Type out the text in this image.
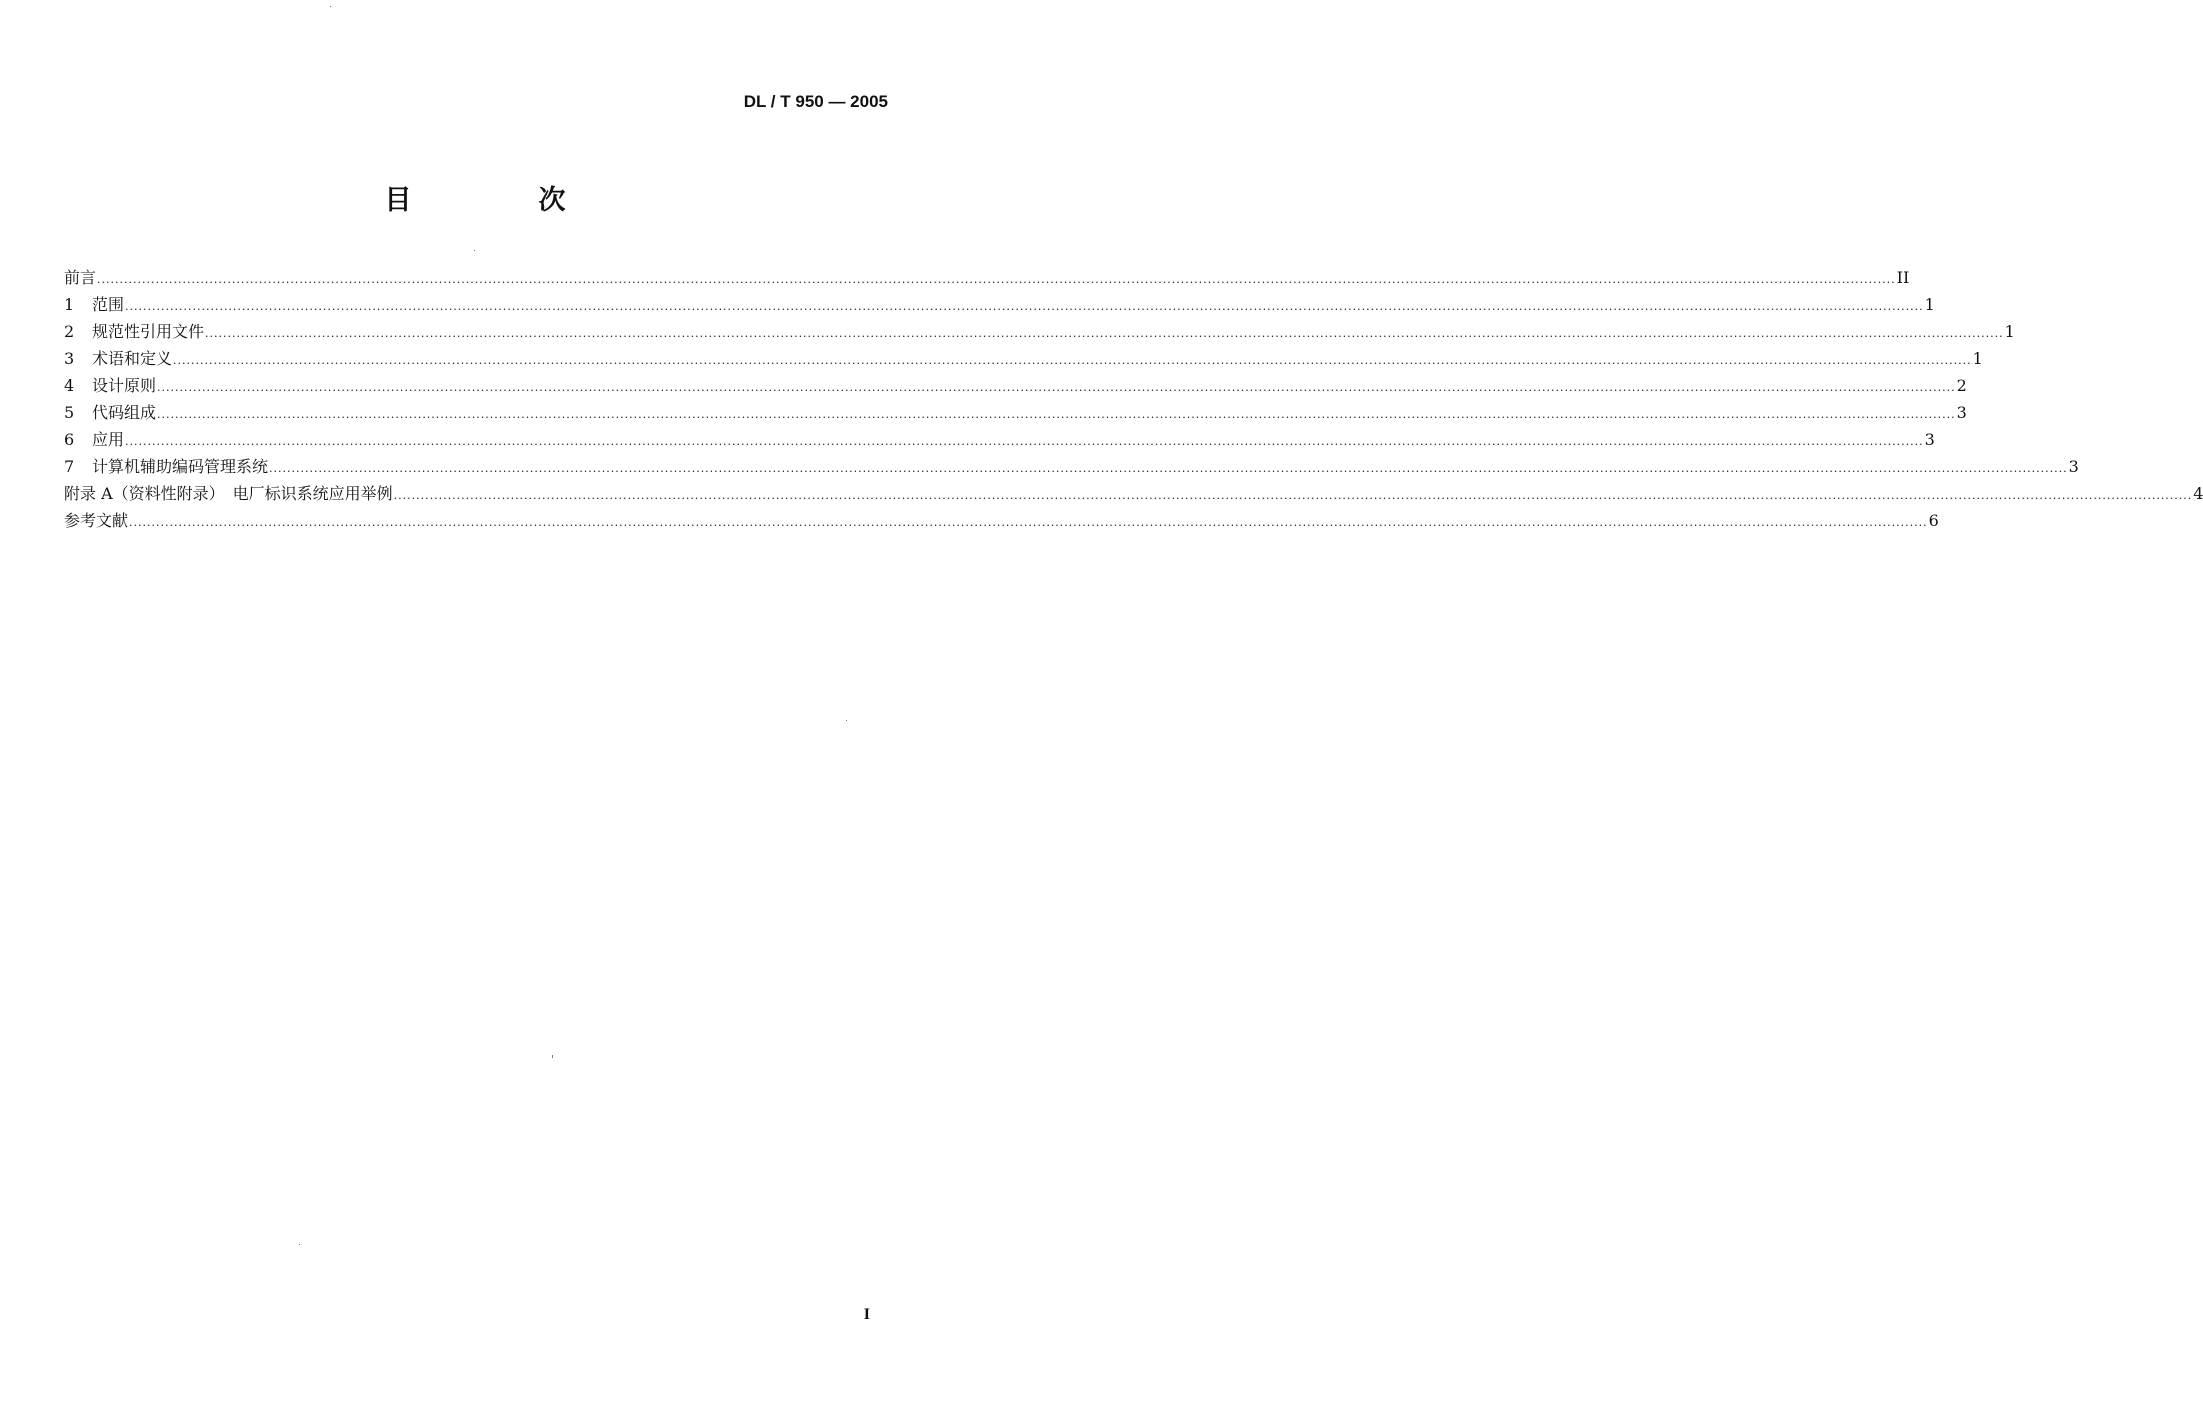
DL / T 950 — 2005
目　次
前言 ................................................................................................................................................................................................................................................................................................................................................................................................................ II
1	范围 ................................................................................................................................................................................................................................................................................................................................................................................................................ 1
2	规范性引用文件 ................................................................................................................................................................................................................................................................................................................................................................................................................ 1
3	术语和定义 ................................................................................................................................................................................................................................................................................................................................................................................................................ 1
4	设计原则 ................................................................................................................................................................................................................................................................................................................................................................................................................ 2
5	代码组成 ................................................................................................................................................................................................................................................................................................................................................................................................................ 3
6	应用 ................................................................................................................................................................................................................................................................................................................................................................................................................ 3
7	计算机辅助编码管理系统 ................................................................................................................................................................................................................................................................................................................................................................................................................ 3
附录 A（资料性附录）　电厂标识系统应用举例 ................................................................................................................................................................................................................................................................................................................................................................................................................ 4
参考文献 ................................................................................................................................................................................................................................................................................................................................................................................................................ 6
I
